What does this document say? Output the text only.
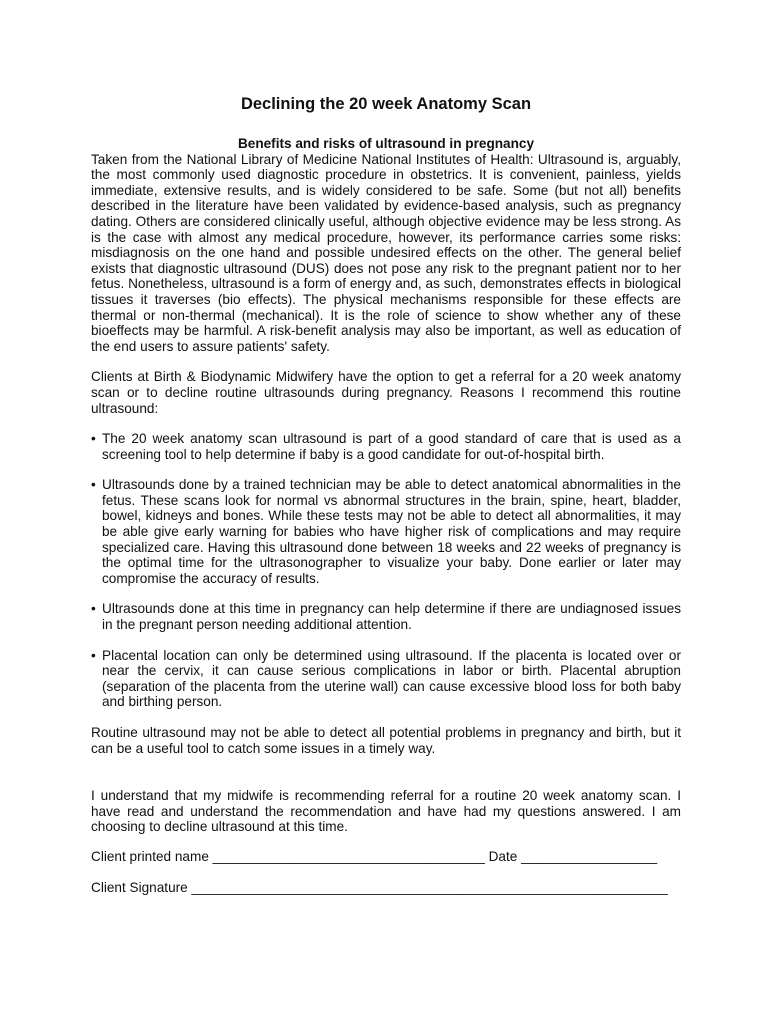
Declining the 20 week Anatomy Scan
Benefits and risks of ultrasound in pregnancy

Taken from the National Library of Medicine National Institutes of Health: Ultrasound is, arguably, the most commonly used diagnostic procedure in obstetrics. It is convenient, painless, yields immediate, extensive results, and is widely considered to be safe. Some (but not all) benefits described in the literature have been validated by evidence-based analysis, such as pregnancy dating. Others are considered clinically useful, although objective evidence may be less strong. As is the case with almost any medical procedure, however, its performance carries some risks: misdiagnosis on the one hand and possible undesired effects on the other. The general belief exists that diagnostic ultrasound (DUS) does not pose any risk to the pregnant patient nor to her fetus. Nonetheless, ultrasound is a form of energy and, as such, demonstrates effects in biological tissues it traverses (bio effects). The physical mechanisms responsible for these effects are thermal or non-thermal (mechanical). It is the role of science to show whether any of these bioeffects may be harmful. A risk-benefit analysis may also be important, as well as education of the end users to assure patients' safety.

Clients at Birth & Biodynamic Midwifery have the option to get a referral for a 20 week anatomy scan or to decline routine ultrasounds during pregnancy. Reasons I recommend this routine ultrasound:

• The 20 week anatomy scan ultrasound is part of a good standard of care that is used as a screening tool to help determine if baby is a good candidate for out-of-hospital birth.
• Ultrasounds done by a trained technician may be able to detect anatomical abnormalities in the fetus. These scans look for normal vs abnormal structures in the brain, spine, heart, bladder, bowel, kidneys and bones. While these tests may not be able to detect all abnormalities, it may be able give early warning for babies who have higher risk of complications and may require specialized care. Having this ultrasound done between 18 weeks and 22 weeks of pregnancy is the optimal time for the ultrasonographer to visualize your baby. Done earlier or later may compromise the accuracy of results.
• Ultrasounds done at this time in pregnancy can help determine if there are undiagnosed issues in the pregnant person needing additional attention.
• Placental location can only be determined using ultrasound. If the placenta is located over or near the cervix, it can cause serious complications in labor or birth. Placental abruption (separation of the placenta from the uterine wall) can cause excessive blood loss for both baby and birthing person.

Routine ultrasound may not be able to detect all potential problems in pregnancy and birth, but it can be a useful tool to catch some issues in a timely way.

I understand that my midwife is recommending referral for a routine 20 week anatomy scan. I have read and understand the recommendation and have had my questions answered. I am choosing to decline ultrasound at this time.

Client printed name ____________________________________ Date __________________

Client Signature _______________________________________________________________
